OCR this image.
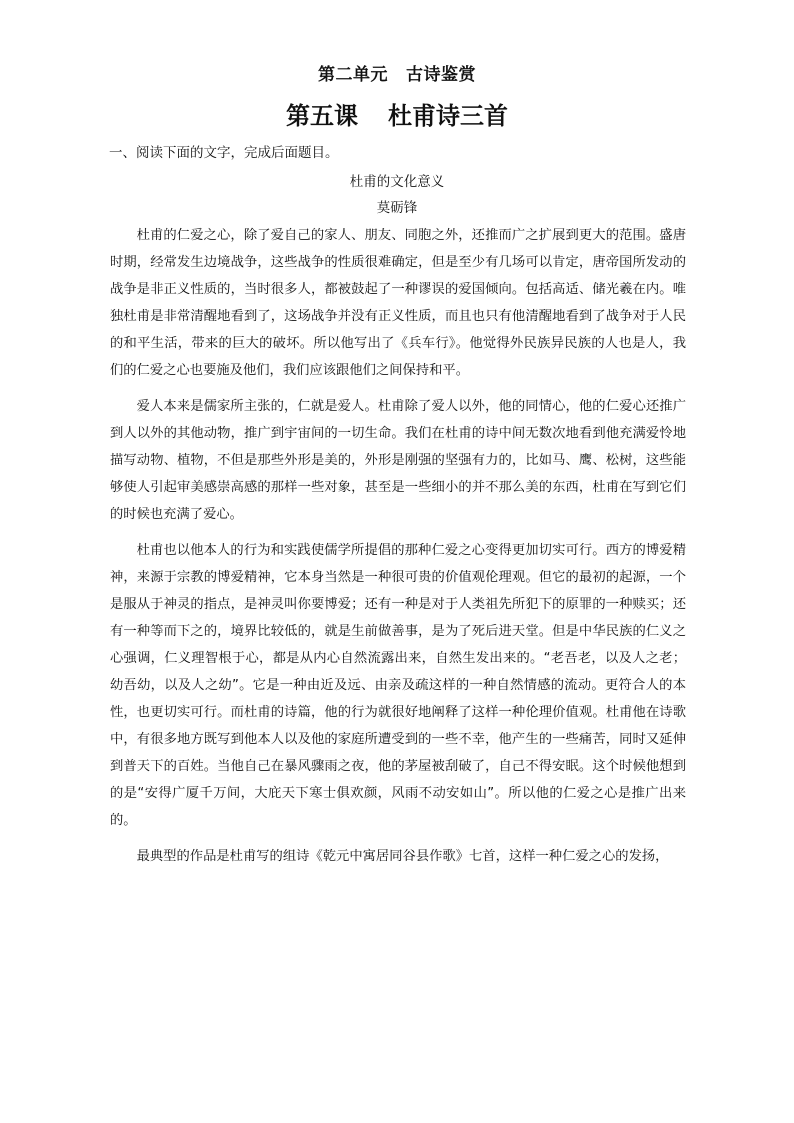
第二单元 古诗鉴赏
第五课 杜甫诗三首
一、阅读下面的文字，完成后面题目。
杜甫的文化意义
莫砺锋

杜甫的仁爱之心，除了爱自己的家人、朋友、同胞之外，还推而广之扩展到更大的范围。盛唐时期，经常发生边境战争，这些战争的性质很难确定，但是至少有几场可以肯定，唐帝国所发动的战争是非正义性质的，当时很多人，都被鼓起了一种谬误的爱国倾向。包括高适、储光羲在内。唯独杜甫是非常清醒地看到了，这场战争并没有正义性质，而且也只有他清醒地看到了战争对于人民的和平生活，带来的巨大的破坏。所以他写出了《兵车行》。他觉得外民族异民族的人也是人，我们的仁爱之心也要施及他们，我们应该跟他们之间保持和平。

爱人本来是儒家所主张的，仁就是爱人。杜甫除了爱人以外，他的同情心，他的仁爱心还推广到人以外的其他动物，推广到宇宙间的一切生命。我们在杜甫的诗中间无数次地看到他充满爱怜地描写动物、植物，不但是那些外形是美的，外形是刚强的坚强有力的，比如马、鹰、松树，这些能够使人引起审美感崇高感的那样一些对象，甚至是一些细小的并不那么美的东西，杜甫在写到它们的时候也充满了爱心。

杜甫也以他本人的行为和实践使儒学所提倡的那种仁爱之心变得更加切实可行。西方的博爱精神，来源于宗教的博爱精神，它本身当然是一种很可贵的价值观伦理观。但它的最初的起源，一个是服从于神灵的指点，是神灵叫你要博爱；还有一种是对于人类祖先所犯下的原罪的一种赎买；还有一种等而下之的，境界比较低的，就是生前做善事，是为了死后进天堂。但是中华民族的仁义之心强调，仁义理智根于心，都是从内心自然流露出来，自然生发出来的。“老吾老，以及人之老；幼吾幼，以及人之幼”。它是一种由近及远、由亲及疏这样的一种自然情感的流动。更符合人的本性，也更切实可行。而杜甫的诗篇，他的行为就很好地阐释了这样一种伦理价值观。杜甫他在诗歌中，有很多地方既写到他本人以及他的家庭所遭受到的一些不幸，他产生的一些痛苦，同时又延伸到普天下的百姓。当他自己在暴风骤雨之夜，他的茅屋被刮破了，自己不得安眠。这个时候他想到的是“安得广厦千万间，大庇天下寒士俱欢颜，风雨不动安如山”。所以他的仁爱之心是推广出来的。

最典型的作品是杜甫写的组诗《乾元中寓居同谷县作歌》七首，这样一种仁爱之心的发扬，
